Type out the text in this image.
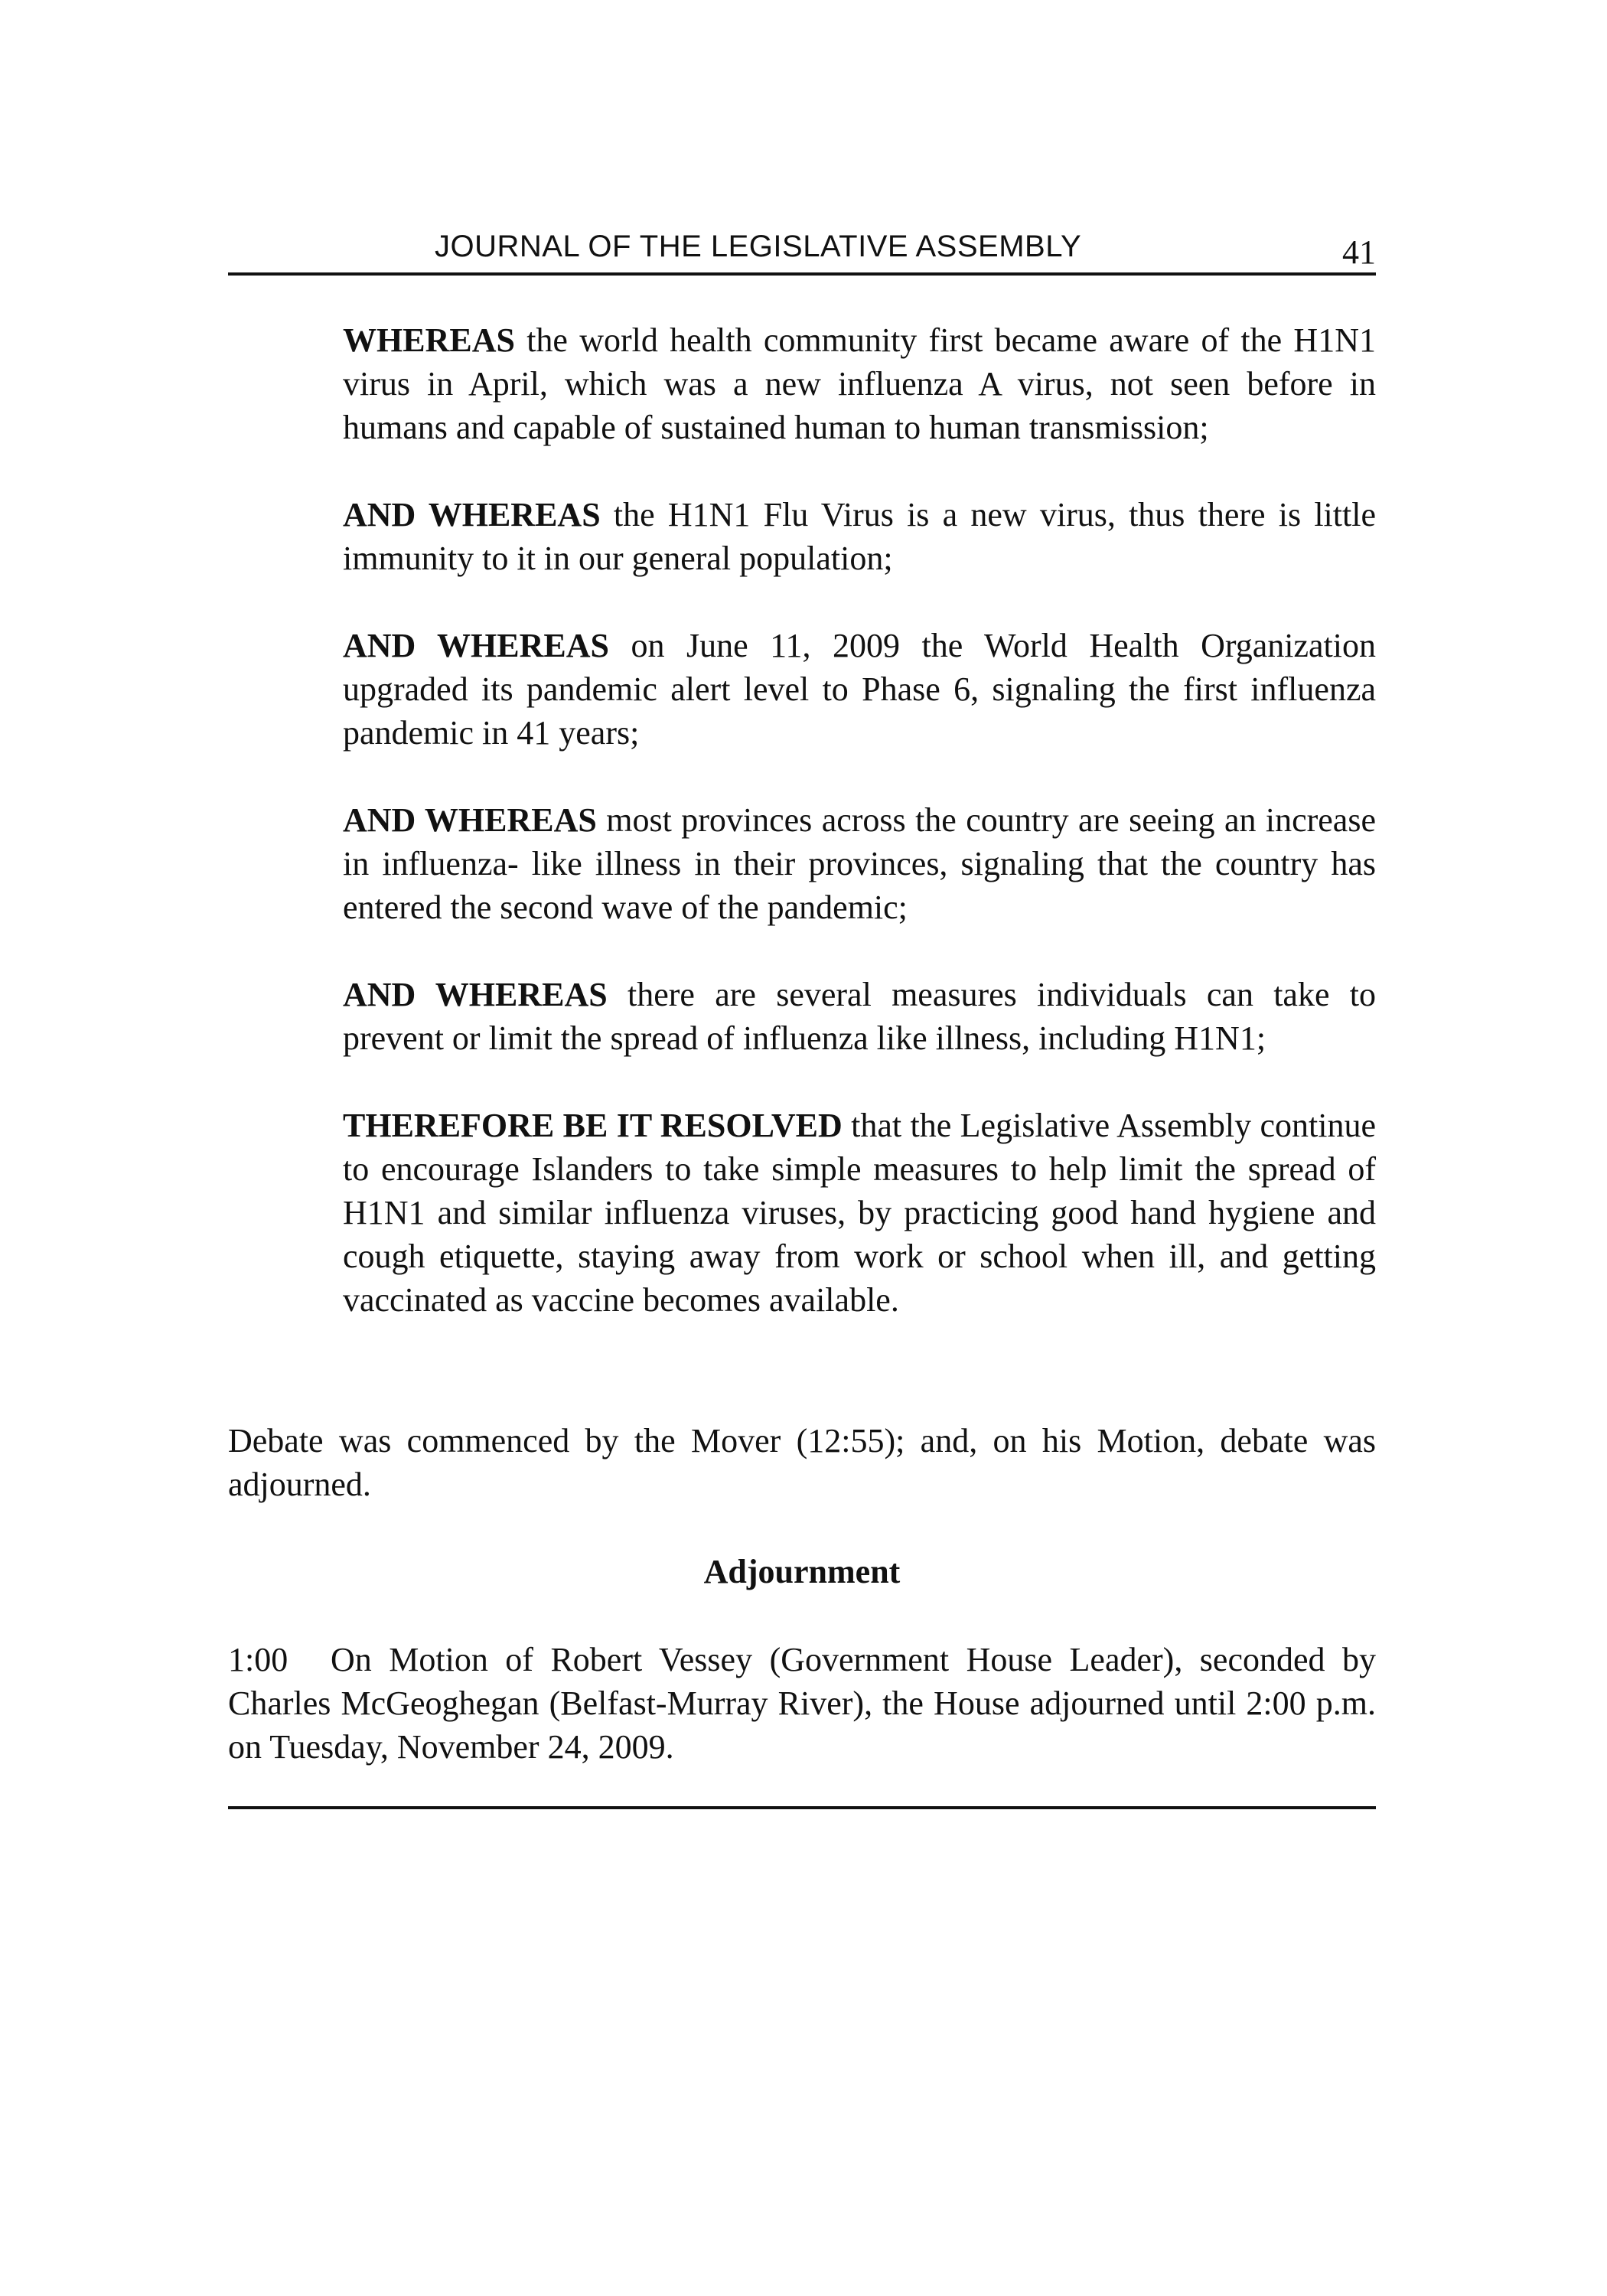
JOURNAL OF THE LEGISLATIVE ASSEMBLY	41

WHEREAS the world health community first became aware of the H1N1 virus in April, which was a new influenza A virus, not seen before in humans and capable of sustained human to human transmission;

AND WHEREAS the H1N1 Flu Virus is a new virus, thus there is little immunity to it in our general population;

AND WHEREAS on June 11, 2009 the World Health Organization upgraded its pandemic alert level to Phase 6, signaling the first influenza pandemic in 41 years;

AND WHEREAS most provinces across the country are seeing an increase in influenza- like illness in their provinces, signaling that the country has entered the second wave of the pandemic;

AND WHEREAS there are several measures individuals can take to prevent or limit the spread of influenza like illness, including H1N1;

THEREFORE BE IT RESOLVED that the Legislative Assembly continue to encourage Islanders to take simple measures to help limit the spread of H1N1 and similar influenza viruses, by practicing good hand hygiene and cough etiquette, staying away from work or school when ill, and getting vaccinated as vaccine becomes available.

Debate was commenced by the Mover (12:55); and, on his Motion, debate was adjourned.

Adjournment

1:00 On Motion of Robert Vessey (Government House Leader), seconded by Charles McGeoghegan (Belfast-Murray River), the House adjourned until 2:00 p.m. on Tuesday, November 24, 2009.
